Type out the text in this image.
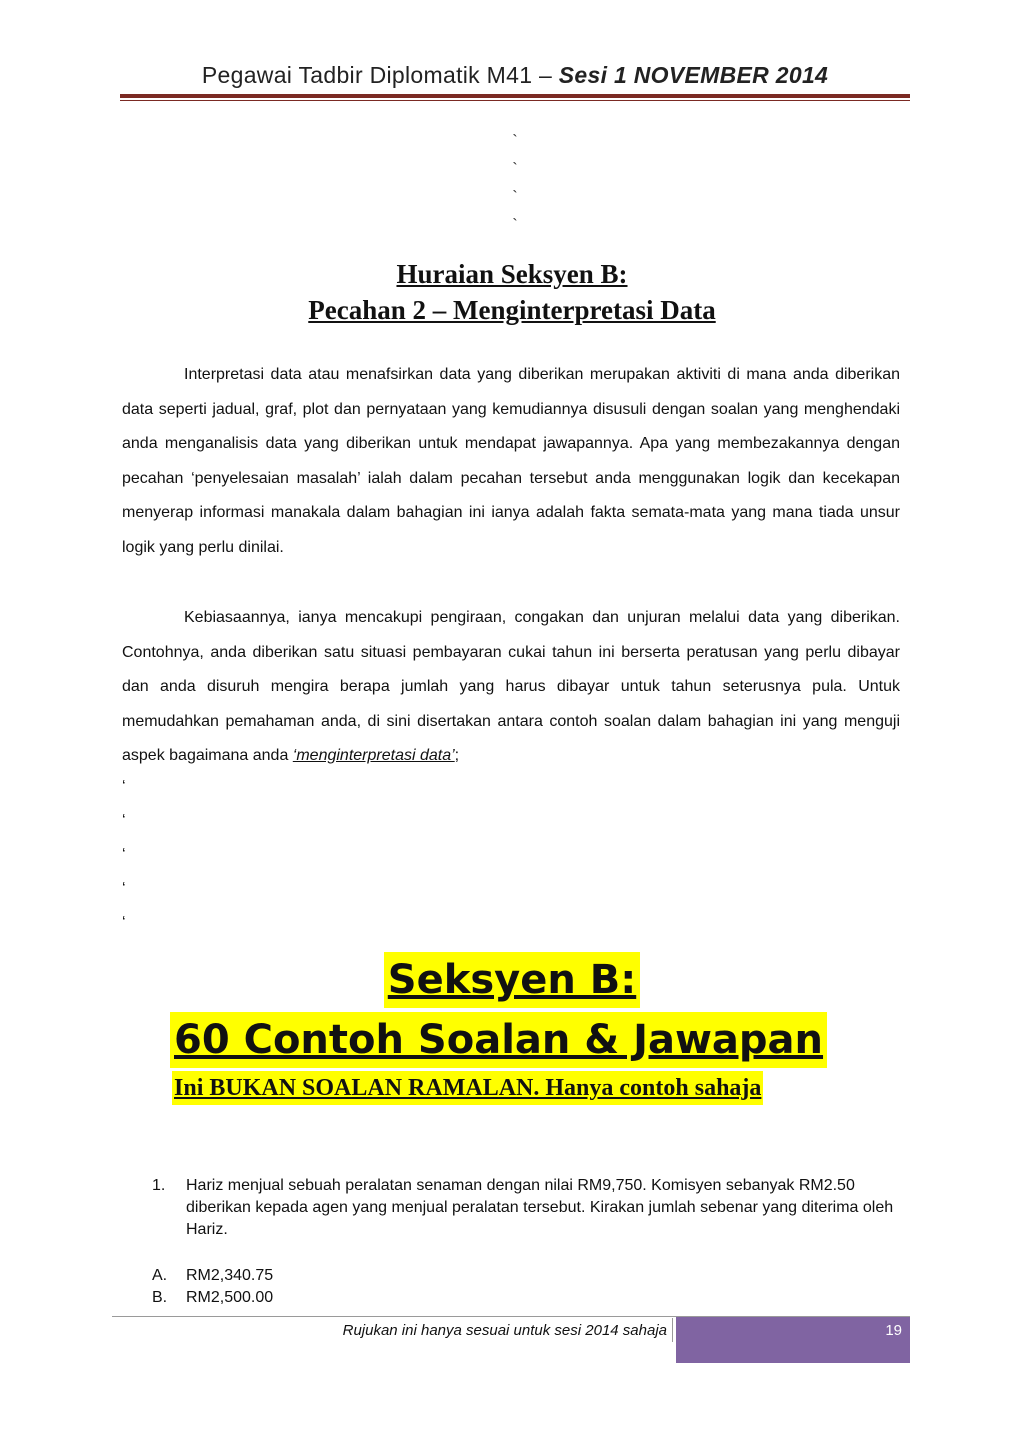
Pegawai Tadbir Diplomatik M41 – Sesi 1 NOVEMBER 2014
`
`
`
`
Huraian Seksyen B:
Pecahan 2 – Menginterpretasi Data

Interpretasi data atau menafsirkan data yang diberikan merupakan aktiviti di mana anda diberikan data seperti jadual, graf, plot dan pernyataan yang kemudiannya disusuli dengan soalan yang menghendaki anda menganalisis data yang diberikan untuk mendapat jawapannya. Apa yang membezakannya dengan pecahan ‘penyelesaian masalah’ ialah dalam pecahan tersebut anda menggunakan logik dan kecekapan menyerap informasi manakala dalam bahagian ini ianya adalah fakta semata-mata yang mana tiada unsur logik yang perlu dinilai.

Kebiasaannya, ianya mencakupi pengiraan, congakan dan unjuran melalui data yang diberikan. Contohnya, anda diberikan satu situasi pembayaran cukai tahun ini berserta peratusan yang perlu dibayar dan anda disuruh mengira berapa jumlah yang harus dibayar untuk tahun seterusnya pula. Untuk memudahkan pemahaman anda, di sini disertakan antara contoh soalan dalam bahagian ini yang menguji aspek bagaimana anda ‘menginterpretasi data’;

‘
‘
‘
‘
‘
Seksyen B:
60 Contoh Soalan & Jawapan
Ini BUKAN SOALAN RAMALAN. Hanya contoh sahaja
1. Hariz menjual sebuah peralatan senaman dengan nilai RM9,750. Komisyen sebanyak RM2.50 diberikan kepada agen yang menjual peralatan tersebut. Kirakan jumlah sebenar yang diterima oleh Hariz.
A.	RM2,340.75
B.	RM2,500.00
Rujukan ini hanya sesuai untuk sesi 2014 sahaja	19
